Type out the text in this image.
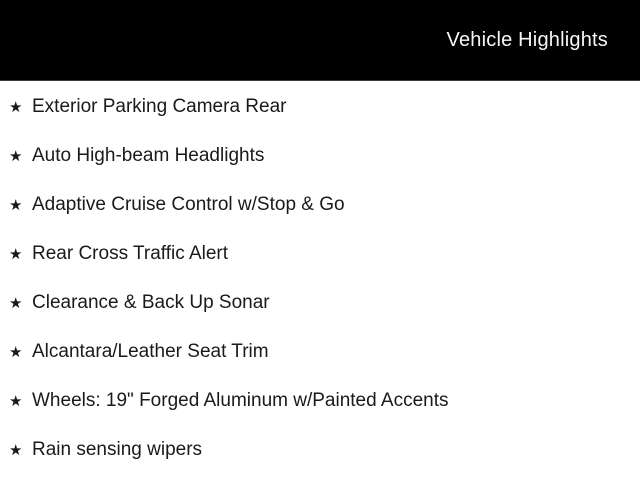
Vehicle Highlights
★ Exterior Parking Camera Rear
★ Auto High-beam Headlights
★ Adaptive Cruise Control w/Stop & Go
★ Rear Cross Traffic Alert
★ Clearance & Back Up Sonar
★ Alcantara/Leather Seat Trim
★ Wheels: 19" Forged Aluminum w/Painted Accents
★ Rain sensing wipers
